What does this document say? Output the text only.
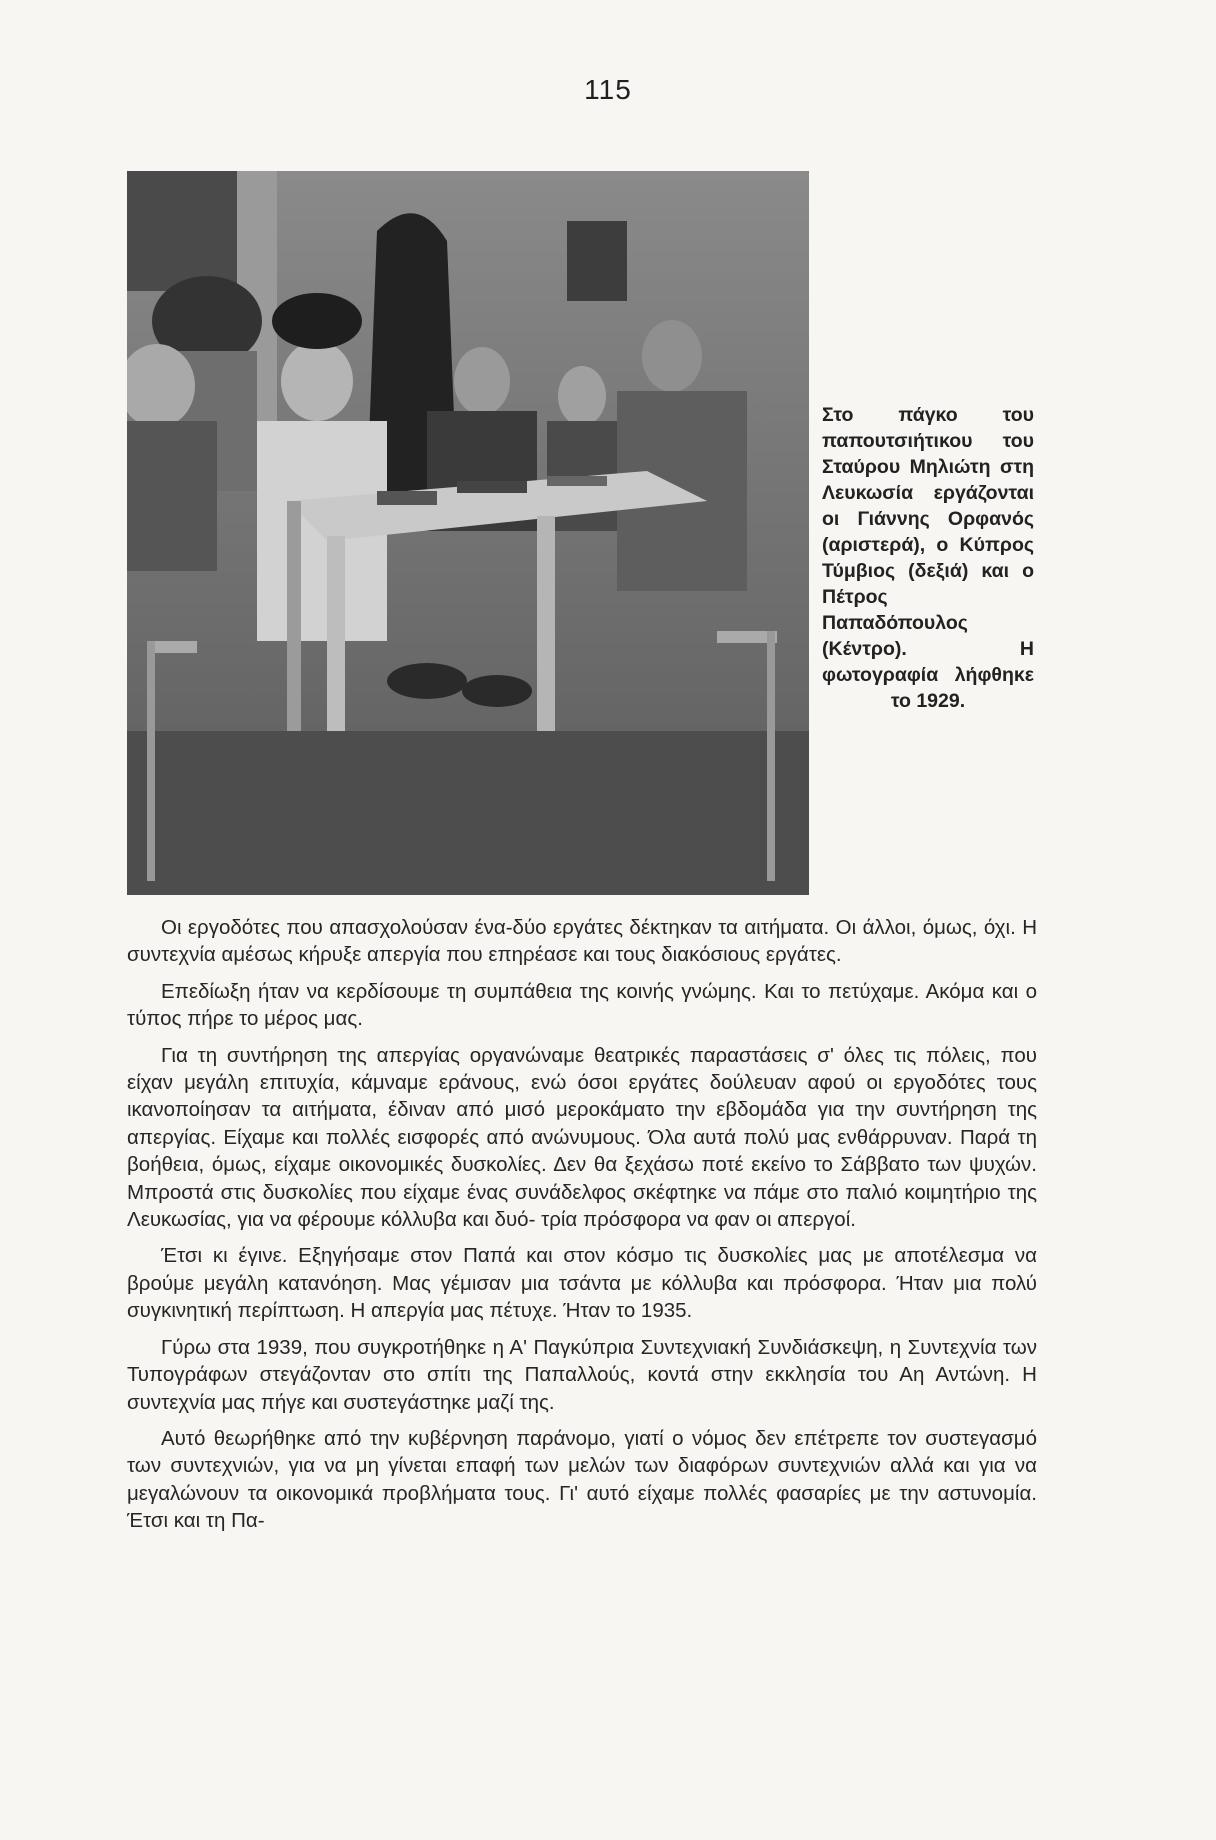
115
Στο πάγκο του παπουτσιήτικου του Σταύρου Μηλιώτη στη Λευκωσία εργάζονται οι Γιάννης Ορφανός (αριστερά), ο Κύπρος Τύμβιος (δεξιά) και ο Πέτρος Παπαδόπουλος (Κέντρο). Η φωτογραφία λήφθηκε το 1929.

Οι εργοδότες που απασχολούσαν ένα-δύο εργάτες δέκτηκαν τα αιτήματα. Οι άλλοι, όμως, όχι. Η συντεχνία αμέσως κήρυξε απεργία που επηρέασε και τους διακόσιους εργάτες.

Επεδίωξη ήταν να κερδίσουμε τη συμπάθεια της κοινής γνώμης. Και το πετύχαμε. Ακόμα και ο τύπος πήρε το μέρος μας.

Για τη συντήρηση της απεργίας οργανώναμε θεατρικές παραστάσεις σ' όλες τις πόλεις, που είχαν μεγάλη επιτυχία, κάμναμε εράνους, ενώ όσοι εργάτες δούλευαν αφού οι εργοδότες τους ικανοποίησαν τα αιτήματα, έδιναν από μισό μεροκάματο την εβδομάδα για την συντήρηση της απεργίας. Είχαμε και πολλές εισφορές από ανώνυμους. Όλα αυτά πολύ μας ενθάρρυναν. Παρά τη βοήθεια, όμως, είχαμε οικονομικές δυσκολίες. Δεν θα ξεχάσω ποτέ εκείνο το Σάββατο των ψυχών. Μπροστά στις δυσκολίες που είχαμε ένας συνάδελφος σκέφτηκε να πάμε στο παλιό κοιμητήριο της Λευκωσίας, για να φέρουμε κόλλυβα και δυό- τρία πρόσφορα να φαν οι απεργοί.

Έτσι κι έγινε. Εξηγήσαμε στον Παπά και στον κόσμο τις δυσκολίες μας με αποτέλεσμα να βρούμε μεγάλη κατανόηση. Μας γέμισαν μια τσάντα με κόλλυβα και πρόσφορα. Ήταν μια πολύ συγκινητική περίπτωση. Η απεργία μας πέτυχε. Ήταν το 1935.

Γύρω στα 1939, που συγκροτήθηκε η Α' Παγκύπρια Συντεχνιακή Συνδιάσκεψη, η Συντεχνία των Τυπογράφων στεγάζονταν στο σπίτι της Παπαλλούς, κοντά στην εκκλησία του Αη Αντώνη. Η συντεχνία μας πήγε και συστεγάστηκε μαζί της.

Αυτό θεωρήθηκε από την κυβέρνηση παράνομο, γιατί ο νόμος δεν επέτρεπε τον συστεγασμό των συντεχνιών, για να μη γίνεται επαφή των μελών των διαφόρων συντεχνιών αλλά και για να μεγαλώνουν τα οικονομικά προβλήματα τους. Γι' αυτό είχαμε πολλές φασαρίες με την αστυνομία. Έτσι και τη Πα-
